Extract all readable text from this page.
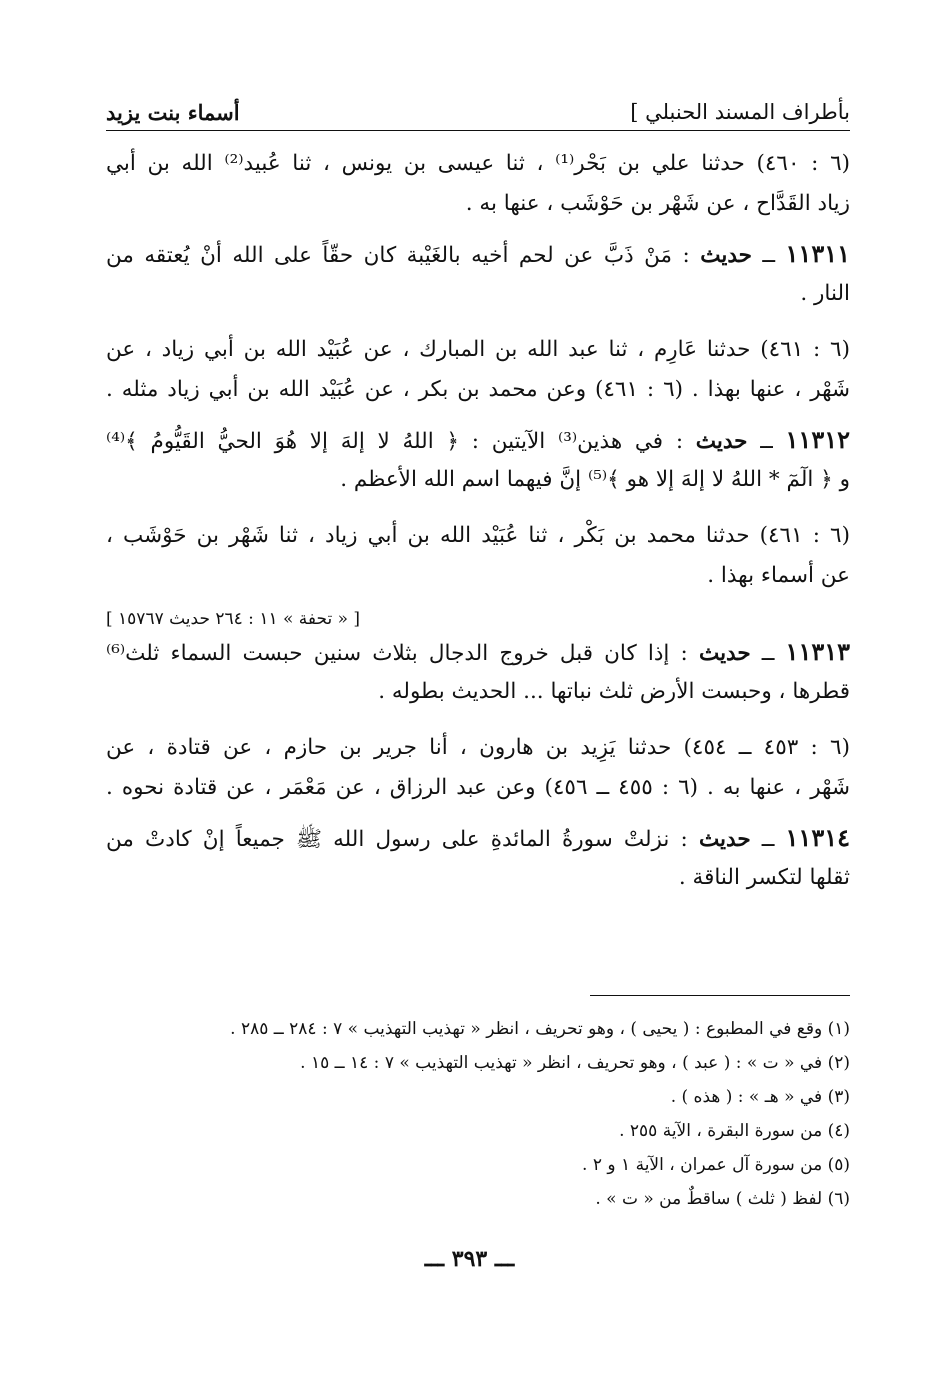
بأطراف المسند الحنبلي ]
أسماء بنت يزيد
(٦ : ٤٦٠) حدثنا علي بن بَحْر⁽¹⁾ ، ثنا عيسى بن يونس ، ثنا عُبيد⁽²⁾ الله بن أبي
زياد القَدَّاح ، عن شَهْر بن حَوْشَب ، عنها به .
١١٣١١ ــ حديث : مَنْ ذَبَّ عن لحم أخيه بالغَيْبة كان حقّاً على الله أنْ يُعتقه من
النار .
(٦ : ٤٦١) حدثنا عَارِم ، ثنا عبد الله بن المبارك ، عن عُبَيْد الله بن أبي زياد ، عن
شَهْر ، عنها بهذا . (٦ : ٤٦١) وعن محمد بن بكر ، عن عُبَيْد الله بن أبي زياد مثله .
١١٣١٢ ــ حديث : في هذين⁽³⁾ الآيتين : ﴿ اللهُ لا إلهَ إلا هُوَ الحيُّ القَيُّومُ ﴾⁽⁴⁾
و ﴿ الٓمٓ * اللهُ لا إلهَ إلا هو ﴾⁽⁵⁾ إنَّ فيهما اسم الله الأعظم .
(٦ : ٤٦١) حدثنا محمد بن بَكْر ، ثنا عُبَيْد الله بن أبي زياد ، ثنا شَهْر بن حَوْشَب ،
عن أسماء بهذا .
[ « تحفة » ١١ : ٢٦٤ حديث ١٥٧٦٧ ]
١١٣١٣ ــ حديث : إذا كان قبل خروج الدجال بثلاث سنين حبست السماء ثلث⁽⁶⁾
قطرها ، وحبست الأرض ثلث نباتها ... الحديث بطوله .
(٦ : ٤٥٣ ــ ٤٥٤) حدثنا يَزِيد بن هارون ، أنا جرير بن حازم ، عن قتادة ، عن
شَهْر ، عنها به . (٦ : ٤٥٥ ــ ٤٥٦) وعن عبد الرزاق ، عن مَعْمَر ، عن قتادة نحوه .
١١٣١٤ ــ حديث : نزلتْ سورةُ المائدةِ على رسول الله ﷺ جميعاً إنْ كادتْ من
ثقلها لتكسر الناقة .
(١) وقع في المطبوع : ( يحيى ) ، وهو تحريف ، انظر « تهذيب التهذيب » ٧ : ٢٨٤ ــ ٢٨٥ .
(٢) في « ت » : ( عبد ) ، وهو تحريف ، انظر « تهذيب التهذيب » ٧ : ١٤ ــ ١٥ .
(٣) في « هـ » : ( هذه ) .
(٤) من سورة البقرة ، الآية ٢٥٥ .
(٥) من سورة آل عمران ، الآية ١ و ٢ .
(٦) لفظ ( ثلث ) ساقطٌ من « ت » .
ـــ ٣٩٣ ـــ
